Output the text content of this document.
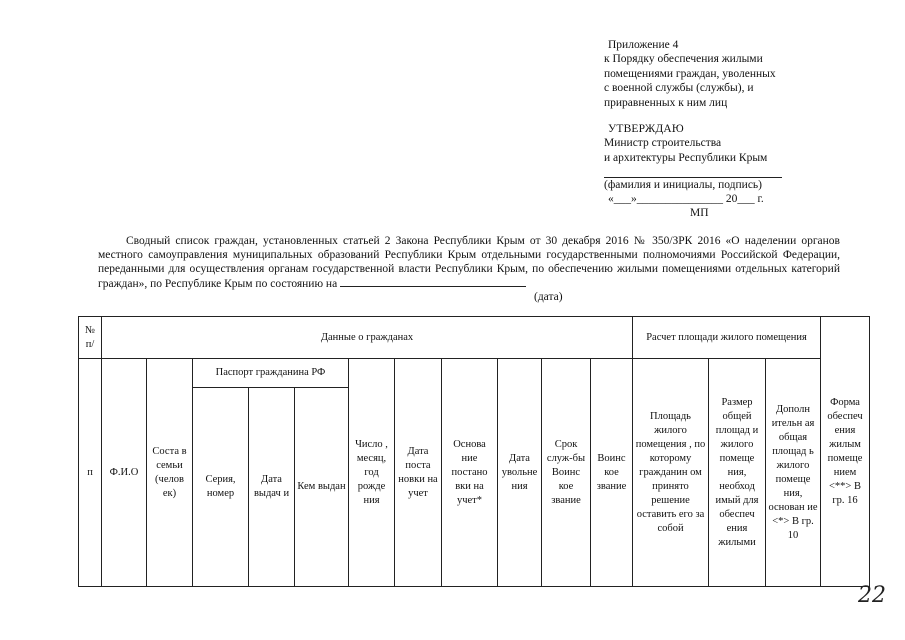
Приложение 4
к Порядку обеспечения жилыми
помещениями граждан, уволенных
с военной службы (службы), и
приравненных к ним лиц
УТВЕРЖДАЮ
Министр строительства
и архитектуры Республики Крым
(фамилия и инициалы, подпись)
«___»_______________ 20___ г.
МП
Сводный список граждан, установленных статьей 2 Закона Республики Крым от 30 декабря 2016 № 350/ЗРК 2016 «О наделении органов местного самоуправления муниципальных образований Республики Крым отдельными государственными полномочиями Российской Федерации, переданными для осуществления органам государственной власти Республики Крым, по обеспечению жилыми помещениями отдельных категорий граждан», по Республике Крым по состоянию на
(дата)
№ п/	Данные о гражданах											Расчет площади жилого помещения			Форма обеспеч ения жилым помеще нием <**> В гр. 16
п	Ф.И.О	Соста в семьи (челов ек)	Паспорт гражданина РФ			Число , месяц, год рожде ния	Дата поста новки на учет	Основа ние постано вки на учет*	Дата увольне ния	Срок служ-бы Воинс кое звание	Воинс кое звание	Площадь жилого помещения , по которому гражданин ом принято решение оставить его за собой	Размер общей площад и жилого помеще ния, необход имый для обеспеч ения жилыми	Дополн ительн ая общая площад ь жилого помеще ния, основан ие <*> В гр. 10	
			Серия, номер	Дата выдач и	Кем выдан										
22
